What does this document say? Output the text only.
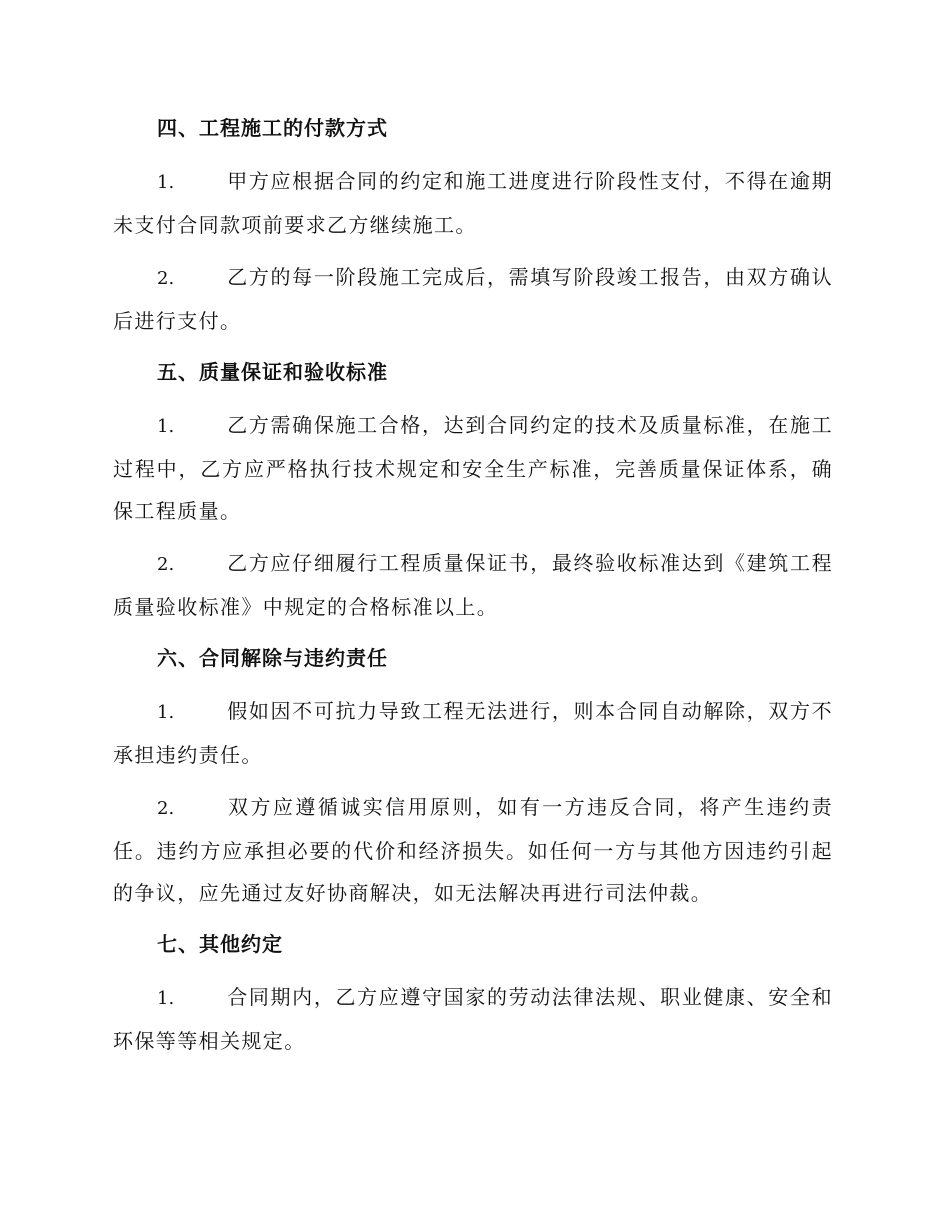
四、工程施工的付款方式

1.	甲方应根据合同的约定和施工进度进行阶段性支付，不得在逾期未支付合同款项前要求乙方继续施工。

2.	乙方的每一阶段施工完成后，需填写阶段竣工报告，由双方确认后进行支付。

五、质量保证和验收标准

1.	乙方需确保施工合格，达到合同约定的技术及质量标准，在施工过程中，乙方应严格执行技术规定和安全生产标准，完善质量保证体系，确保工程质量。

2.	乙方应仔细履行工程质量保证书，最终验收标准达到《建筑工程质量验收标准》中规定的合格标准以上。

六、合同解除与违约责任

1.	假如因不可抗力导致工程无法进行，则本合同自动解除，双方不承担违约责任。

2.	双方应遵循诚实信用原则，如有一方违反合同，将产生违约责任。违约方应承担必要的代价和经济损失。如任何一方与其他方因违约引起的争议，应先通过友好协商解决，如无法解决再进行司法仲裁。

七、其他约定

1.	合同期内，乙方应遵守国家的劳动法律法规、职业健康、安全和环保等等相关规定。
